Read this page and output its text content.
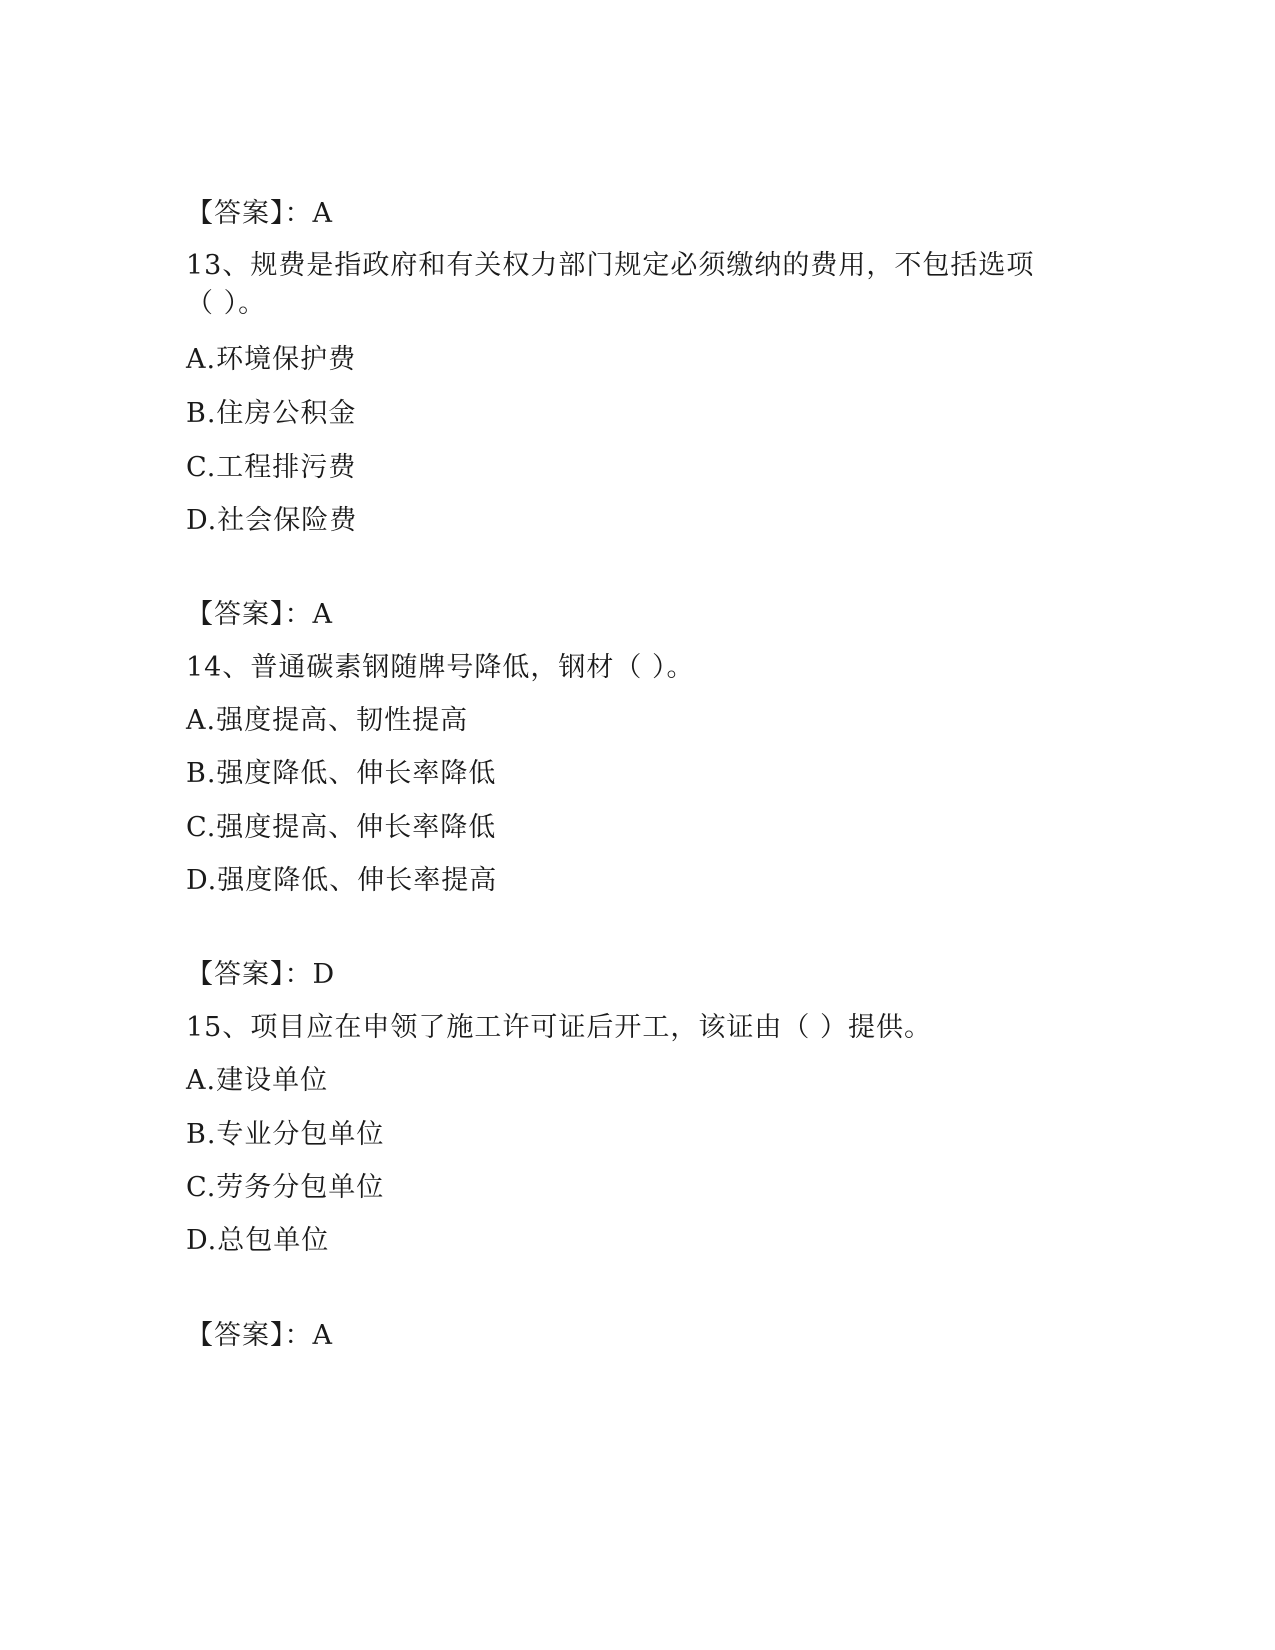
【答案】：A
13、规费是指政府和有关权力部门规定必须缴纳的费用，不包括选项
（ ）。
A.环境保护费
B.住房公积金
C.工程排污费
D.社会保险费
【答案】：A
14、普通碳素钢随牌号降低，钢材（ ）。
A.强度提高、韧性提高
B.强度降低、伸长率降低
C.强度提高、伸长率降低
D.强度降低、伸长率提高
【答案】：D
15、项目应在申领了施工许可证后开工，该证由（ ）提供。
A.建设单位
B.专业分包单位
C.劳务分包单位
D.总包单位
【答案】：A
